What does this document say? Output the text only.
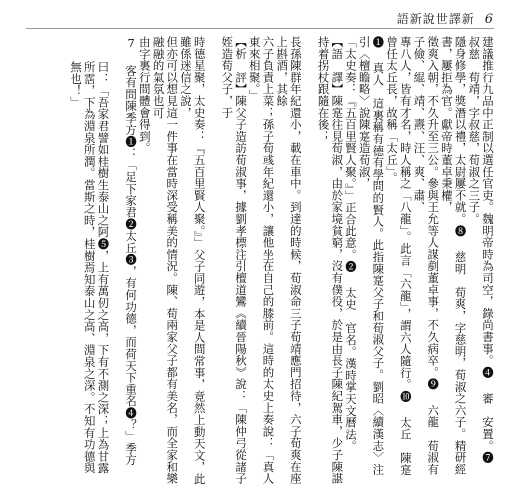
語新說世譯新 6

建議推行九品中正制以選任官吏。魏明帝時為司空，錄尚書事。❹ 審　安置。❼ 叔慈　荀靖，字叔慈，荀淑之三子。

隱身修學，獎潛以禮，太尉屢不就。❽ 慈明　荀爽，字慈明，荀淑之六子。精研經書，屢拒為官。獻帝時董卓秉權，

徵爽入朝，不久升至三公。參與王允等人謀剷董卓事，不久病卒。❾ 六龍　荀淑有子儉、緄、靖、燾、汪、爽、肅、

專八人，皆有才名，時人稱之「八龍」。此言「六龍」，謂六人隨行。❿ 太丘　陳寔曾任太丘長，故稱「太丘」。

❶ 真人　這裏稱有德有學問的賢人。此指陳寔父子和荀淑父子。劉昭〈續漢志〉注引〈檀瞻略〉說陳寔造荀淑，

「太史奏：『五百里賢人聚。』」正合此意。❷ 太史　官名。漢時掌天文曆法。

【語　譯】陳寔往見荀淑，由於家境貧窮，沒有僕役，於是由長子陳紀駕車，少子陳諶持着拐杖跟隨在後；

長孫陳群年紀還小，載在車中。到達的時候，荀淑命三子荀靖應門招待，六子荀爽在座上斟酒，其餘

六子負責上菜；孫子荀彧年紀還小，讓他坐在自己的膝前。這時的太史上奏說：「真人東來相聚。」

【析　評】陳父子造訪荀淑事，據劉孝標注引檀道鸞《續晉陽秋》說：「陳仲弓從諸子姪造荀父子，于

時德星聚，太史奏：『五百里賢人聚。』」父子同遊，本是人間常事，竟然上動天文，此雖係迷信之說，

但亦可以想見這一件事在當時深受稱美的情況。陳、荀兩家父子都有美名，而全家和樂融融的氣氛也可

由字裏行間體會得到。

7 客有問陳季方❶：「足下家君❷太丘❸，有何功德，而荷天下重名❹？」季方

曰：「吾家君譬如桂樹生泰山之阿❺，上有萬仞之高，下有不測之深；上為甘露

所霑，下為淵泉所潤。當斯之時，桂樹焉知泰山之高、淵泉之深。不知有功德與

無也！」
